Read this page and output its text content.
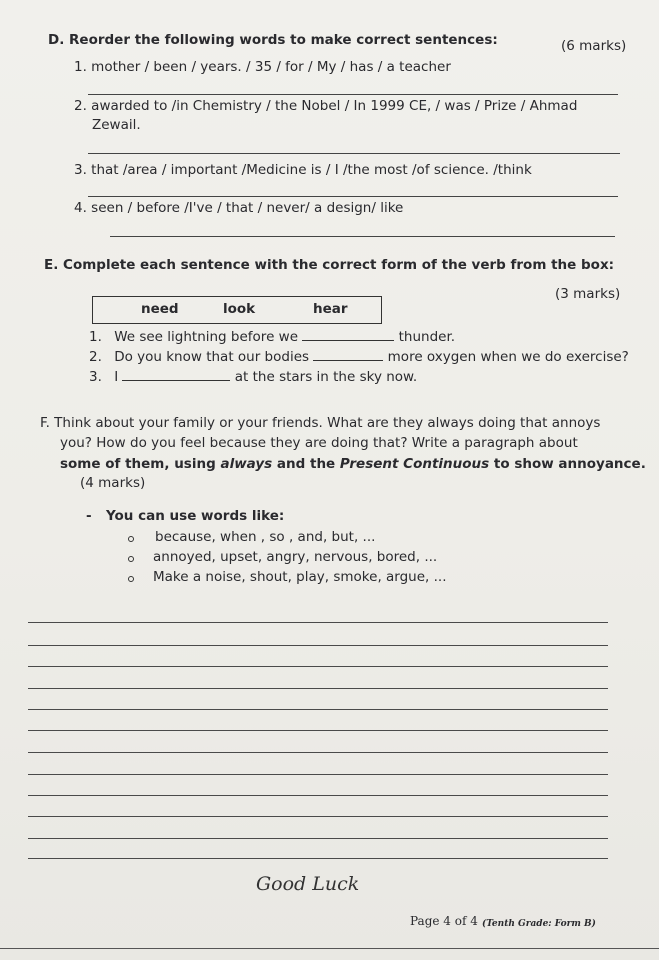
D. Reorder the following words to make correct sentences:	(6 marks)
1. mother / been / years. / 35 / for / My / has / a teacher
2. awarded to /in Chemistry / the Nobel / In 1999 CE, / was / Prize / Ahmad
Zewail.
3. that /area / important /Medicine is / I /the most /of science. /think
4. seen / before /I've / that / never/ a design/ like
E. Complete each sentence with the correct form of the verb from the box:
(3 marks)
need	look	hear
1. We see lightning before we	thunder.
2. Do you know that our bodies	more oxygen when we do exercise?
3. I	at the stars in the sky now.
F. Think about your family or your friends. What are they always doing that annoys
you? How do you feel because they are doing that? Write a paragraph about
some of them, using always and the Present Continuous to show annoyance.
(4 marks)
- You can use words like:
because, when , so , and, but, ...
annoyed, upset, angry, nervous, bored, ...
Make a noise, shout, play, smoke, argue, ...
Good Luck
Page 4 of 4 (Tenth Grade: Form B)
